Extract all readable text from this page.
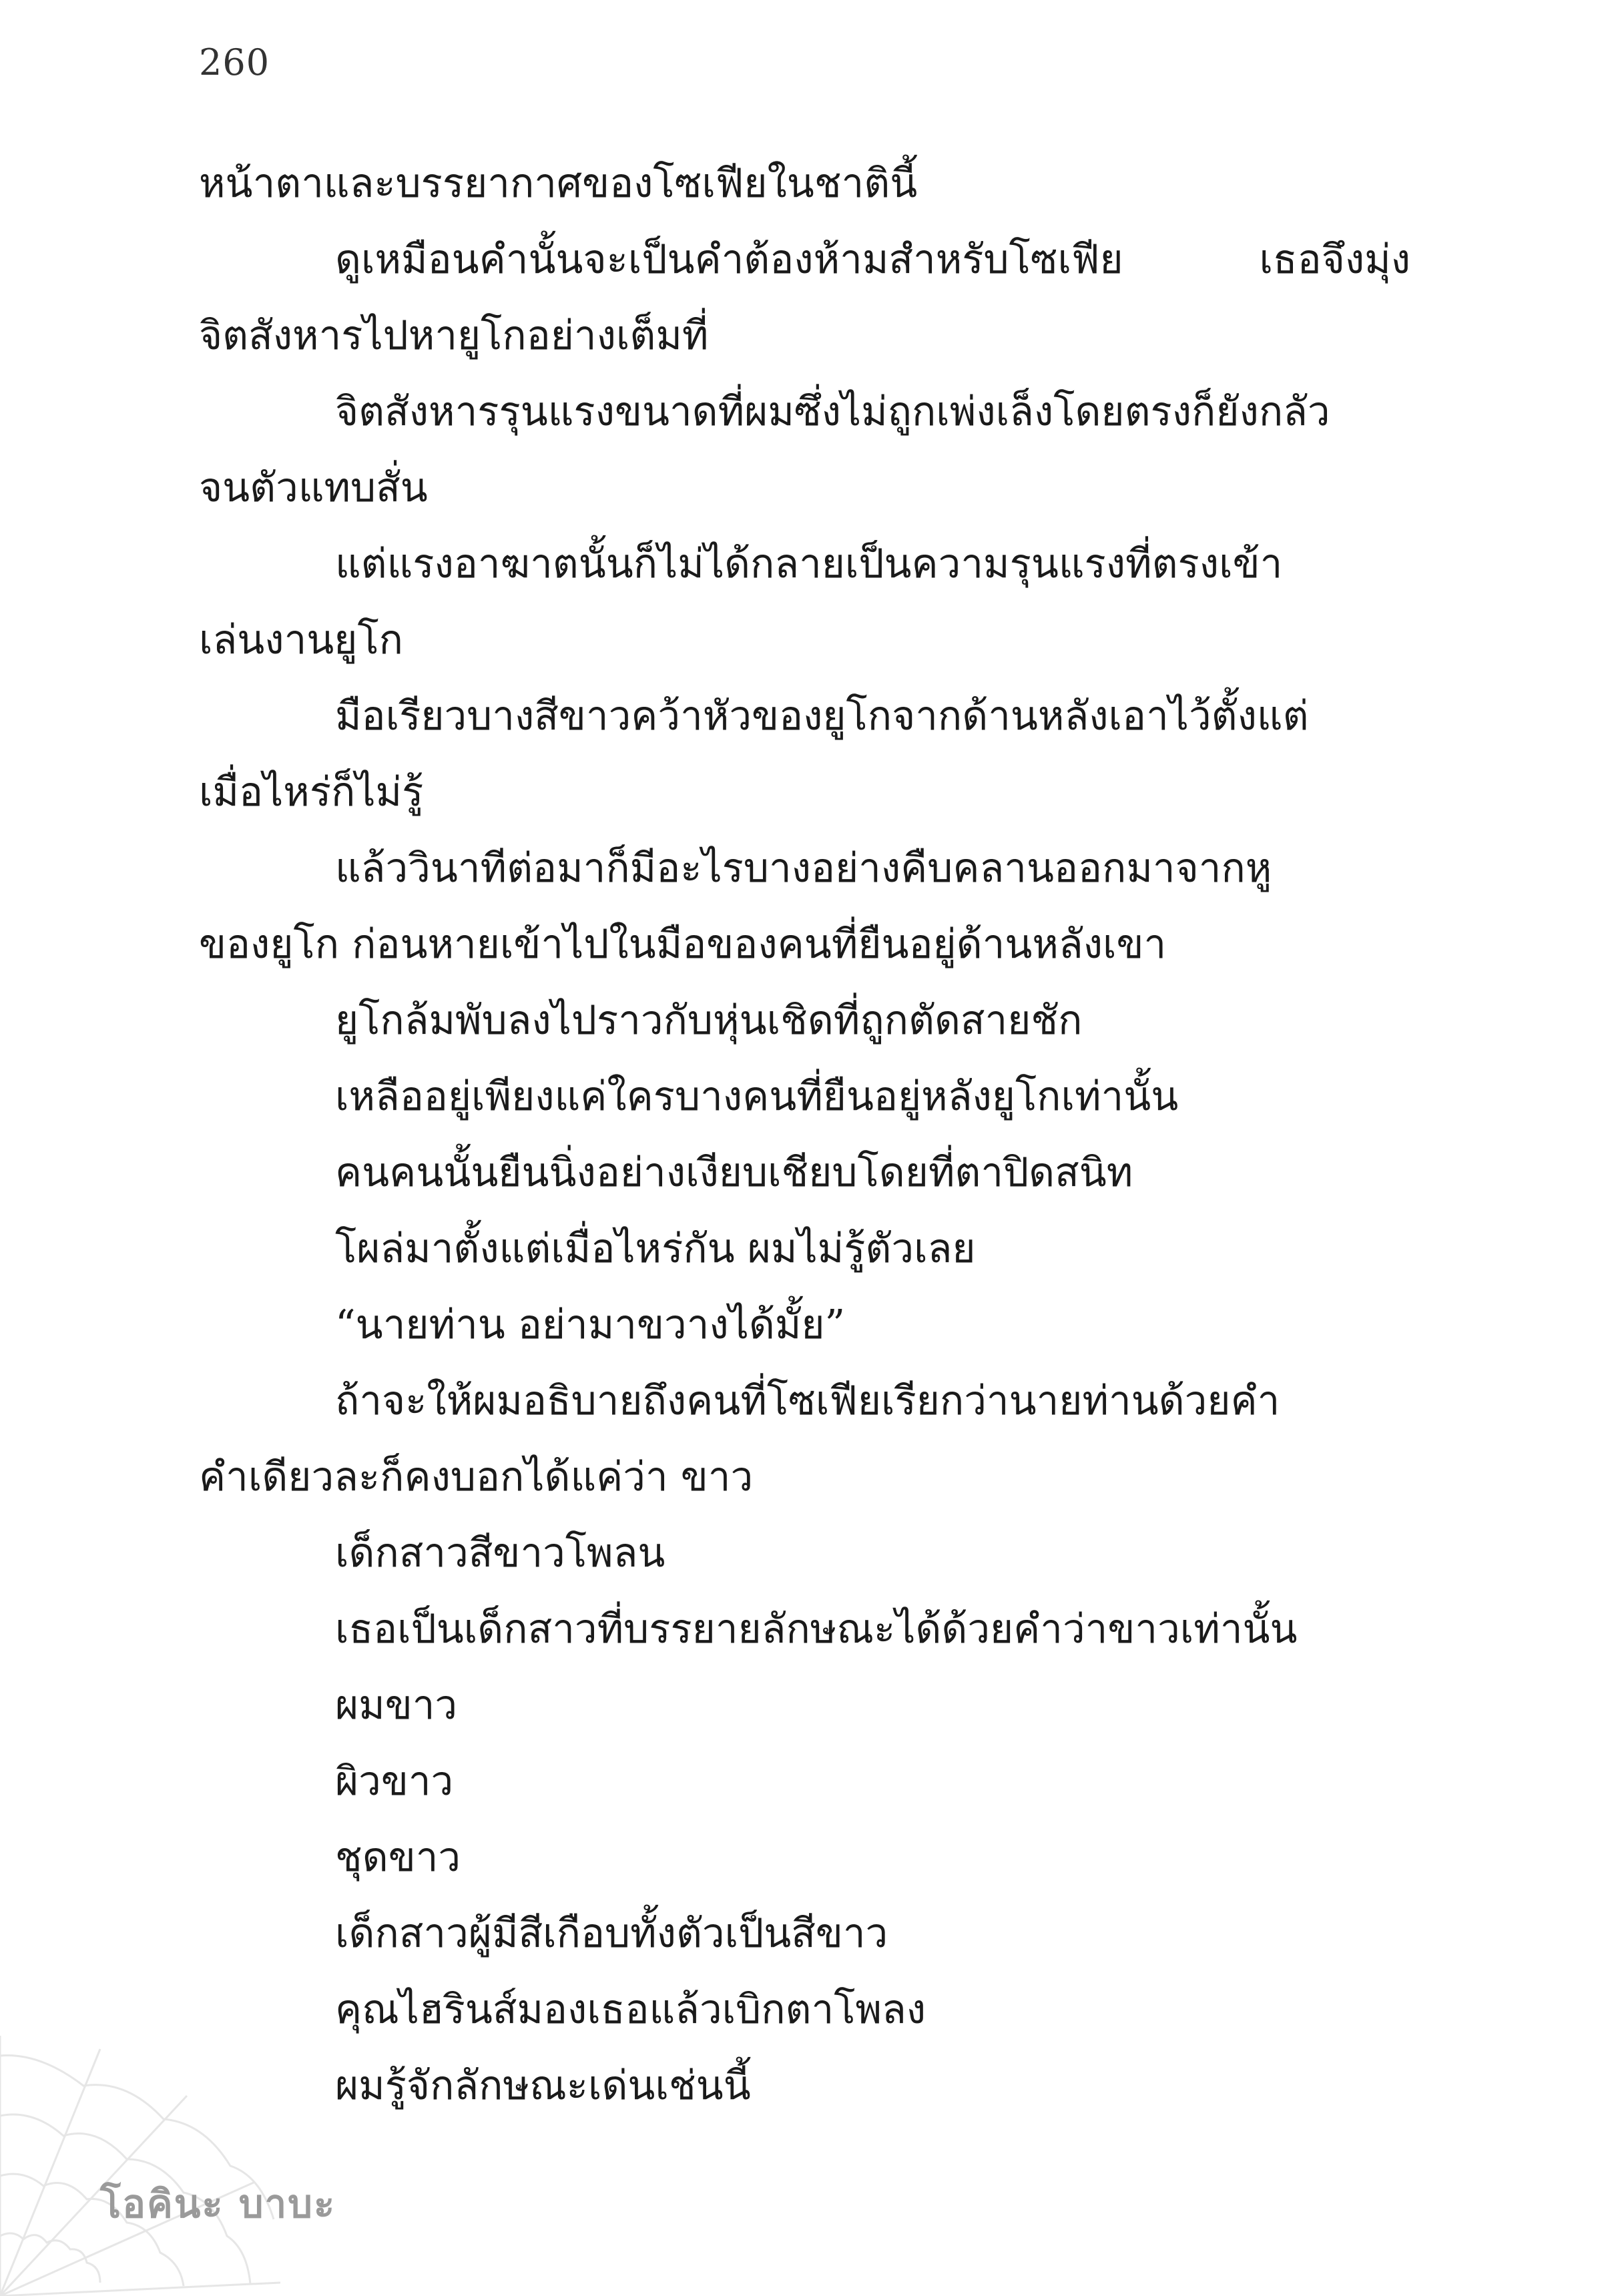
260
หน้าตาและบรรยากาศของโซเฟียในชาตินี้
ดูเหมือนคำนั้นจะเป็นคำต้องห้ามสำหรับโซเฟีย เธอจึงมุ่ง
จิตสังหารไปหายูโกอย่างเต็มที่
จิตสังหารรุนแรงขนาดที่ผมซึ่งไม่ถูกเพ่งเล็งโดยตรงก็ยังกลัว
จนตัวแทบสั่น
แต่แรงอาฆาตนั้นก็ไม่ได้กลายเป็นความรุนแรงที่ตรงเข้า
เล่นงานยูโก
มือเรียวบางสีขาวคว้าหัวของยูโกจากด้านหลังเอาไว้ตั้งแต่
เมื่อไหร่ก็ไม่รู้
แล้ววินาทีต่อมาก็มีอะไรบางอย่างคืบคลานออกมาจากหู
ของยูโก ก่อนหายเข้าไปในมือของคนที่ยืนอยู่ด้านหลังเขา
ยูโกล้มพับลงไปราวกับหุ่นเชิดที่ถูกตัดสายชัก
เหลืออยู่เพียงแค่ใครบางคนที่ยืนอยู่หลังยูโกเท่านั้น
คนคนนั้นยืนนิ่งอย่างเงียบเชียบโดยที่ตาปิดสนิท
โผล่มาตั้งแต่เมื่อไหร่กัน ผมไม่รู้ตัวเลย
“นายท่าน อย่ามาขวางได้มั้ย”
ถ้าจะให้ผมอธิบายถึงคนที่โซเฟียเรียกว่านายท่านด้วยคำ
คำเดียวละก็คงบอกได้แค่ว่า ขาว
เด็กสาวสีขาวโพลน
เธอเป็นเด็กสาวที่บรรยายลักษณะได้ด้วยคำว่าขาวเท่านั้น
ผมขาว
ผิวขาว
ชุดขาว
เด็กสาวผู้มีสีเกือบทั้งตัวเป็นสีขาว
คุณไฮรินส์มองเธอแล้วเบิกตาโพลง
ผมรู้จักลักษณะเด่นเช่นนี้
โอคินะ บาบะ
